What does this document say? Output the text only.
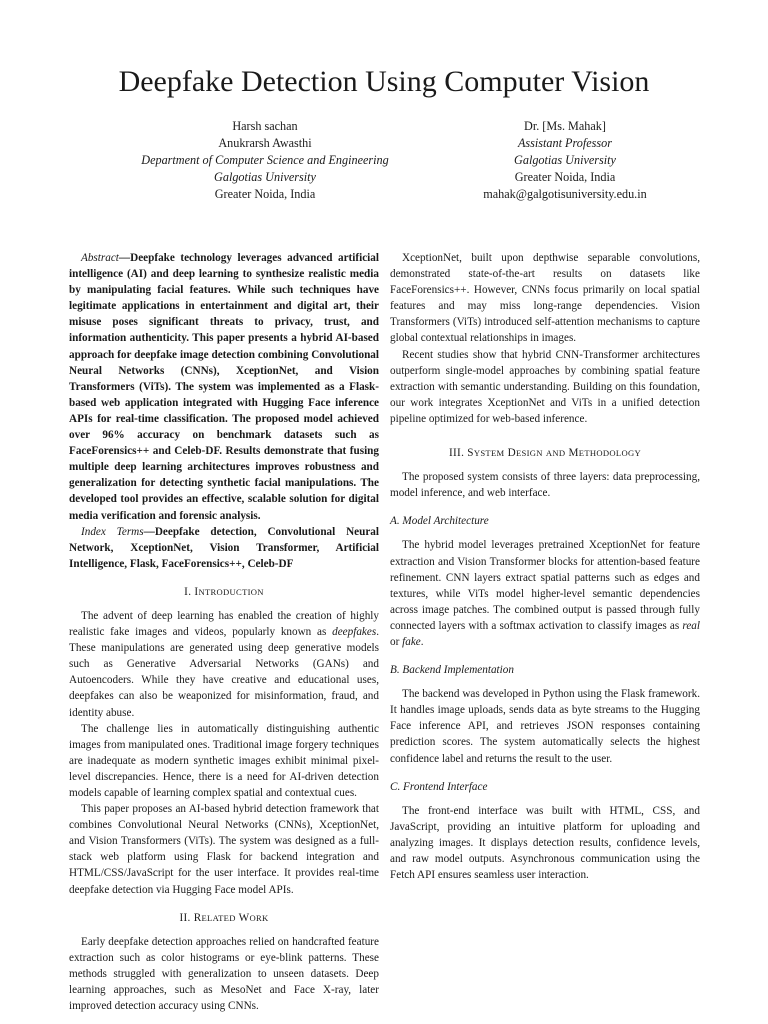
Deepfake Detection Using Computer Vision
Harsh sachan
Anukrarsh Awasthi
Department of Computer Science and Engineering
Galgotias University
Greater Noida, India
Dr. [Ms. Mahak]
Assistant Professor
Galgotias University
Greater Noida, India
mahak@galgotisuniversity.edu.in

Abstract—Deepfake technology leverages advanced artificial intelligence (AI) and deep learning to synthesize realistic media by manipulating facial features. While such techniques have legitimate applications in entertainment and digital art, their misuse poses significant threats to privacy, trust, and information authenticity. This paper presents a hybrid AI-based approach for deepfake image detection combining Convolutional Neural Networks (CNNs), XceptionNet, and Vision Transformers (ViTs). The system was implemented as a Flask-based web application integrated with Hugging Face inference APIs for real-time classification. The proposed model achieved over 96% accuracy on benchmark datasets such as FaceForensics++ and Celeb-DF. Results demonstrate that fusing multiple deep learning architectures improves robustness and generalization for detecting synthetic facial manipulations. The developed tool provides an effective, scalable solution for digital media verification and forensic analysis.

Index Terms—Deepfake detection, Convolutional Neural Network, XceptionNet, Vision Transformer, Artificial Intelligence, Flask, FaceForensics++, Celeb-DF

I. INTRODUCTION

The advent of deep learning has enabled the creation of highly realistic fake images and videos, popularly known as deepfakes. These manipulations are generated using deep generative models such as Generative Adversarial Networks (GANs) and Autoencoders. While they have creative and educational uses, deepfakes can also be weaponized for misinformation, fraud, and identity abuse.

The challenge lies in automatically distinguishing authentic images from manipulated ones. Traditional image forgery techniques are inadequate as modern synthetic images exhibit minimal pixel-level discrepancies. Hence, there is a need for AI-driven detection models capable of learning complex spatial and contextual cues.

This paper proposes an AI-based hybrid detection framework that combines Convolutional Neural Networks (CNNs), XceptionNet, and Vision Transformers (ViTs). The system was designed as a full-stack web platform using Flask for backend integration and HTML/CSS/JavaScript for the user interface. It provides real-time deepfake detection via Hugging Face model APIs.

II. RELATED WORK

Early deepfake detection approaches relied on handcrafted feature extraction such as color histograms or eye-blink patterns. These methods struggled with generalization to unseen datasets. Deep learning approaches, such as MesoNet and Face X-ray, later improved detection accuracy using CNNs.

XceptionNet, built upon depthwise separable convolutions, demonstrated state-of-the-art results on datasets like FaceForensics++. However, CNNs focus primarily on local spatial features and may miss long-range dependencies. Vision Transformers (ViTs) introduced self-attention mechanisms to capture global contextual relationships in images.

Recent studies show that hybrid CNN-Transformer architectures outperform single-model approaches by combining spatial feature extraction with semantic understanding. Building on this foundation, our work integrates XceptionNet and ViTs in a unified detection pipeline optimized for web-based inference.

III. SYSTEM DESIGN AND METHODOLOGY

The proposed system consists of three layers: data preprocessing, model inference, and web interface.

A. Model Architecture

The hybrid model leverages pretrained XceptionNet for feature extraction and Vision Transformer blocks for attention-based feature refinement. CNN layers extract spatial patterns such as edges and textures, while ViTs model higher-level semantic dependencies across image patches. The combined output is passed through fully connected layers with a softmax activation to classify images as real or fake.

B. Backend Implementation

The backend was developed in Python using the Flask framework. It handles image uploads, sends data as byte streams to the Hugging Face inference API, and retrieves JSON responses containing prediction scores. The system automatically selects the highest confidence label and returns the result to the user.

C. Frontend Interface

The front-end interface was built with HTML, CSS, and JavaScript, providing an intuitive platform for uploading and analyzing images. It displays detection results, confidence levels, and raw model outputs. Asynchronous communication using the Fetch API ensures seamless user interaction.
